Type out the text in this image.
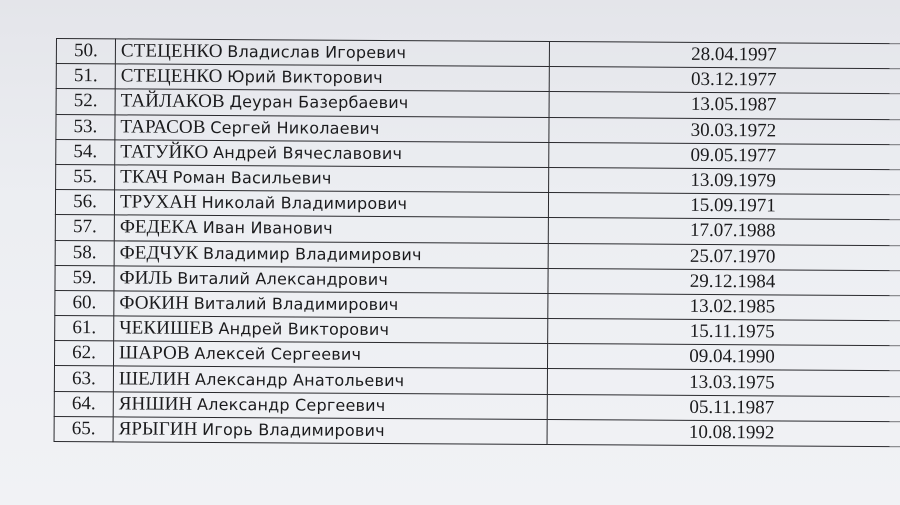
50.	СТЕЦЕНКО Владислав Игоревич	28.04.1997
51.	СТЕЦЕНКО Юрий Викторович	03.12.1977
52.	ТАЙЛАКОВ Деуран Базербаевич	13.05.1987
53.	ТАРАСОВ Сергей Николаевич	30.03.1972
54.	ТАТУЙКО Андрей Вячеславович	09.05.1977
55.	ТКАЧ Роман Васильевич	13.09.1979
56.	ТРУХАН Николай Владимирович	15.09.1971
57.	ФЕДЕКА Иван Иванович	17.07.1988
58.	ФЕДЧУК Владимир Владимирович	25.07.1970
59.	ФИЛЬ Виталий Александрович	29.12.1984
60.	ФОКИН Виталий Владимирович	13.02.1985
61.	ЧЕКИШЕВ Андрей Викторович	15.11.1975
62.	ШАРОВ Алексей Сергеевич	09.04.1990
63.	ШЕЛИН Александр Анатольевич	13.03.1975
64.	ЯНШИН Александр Сергеевич	05.11.1987
65.	ЯРЫГИН Игорь Владимирович	10.08.1992
